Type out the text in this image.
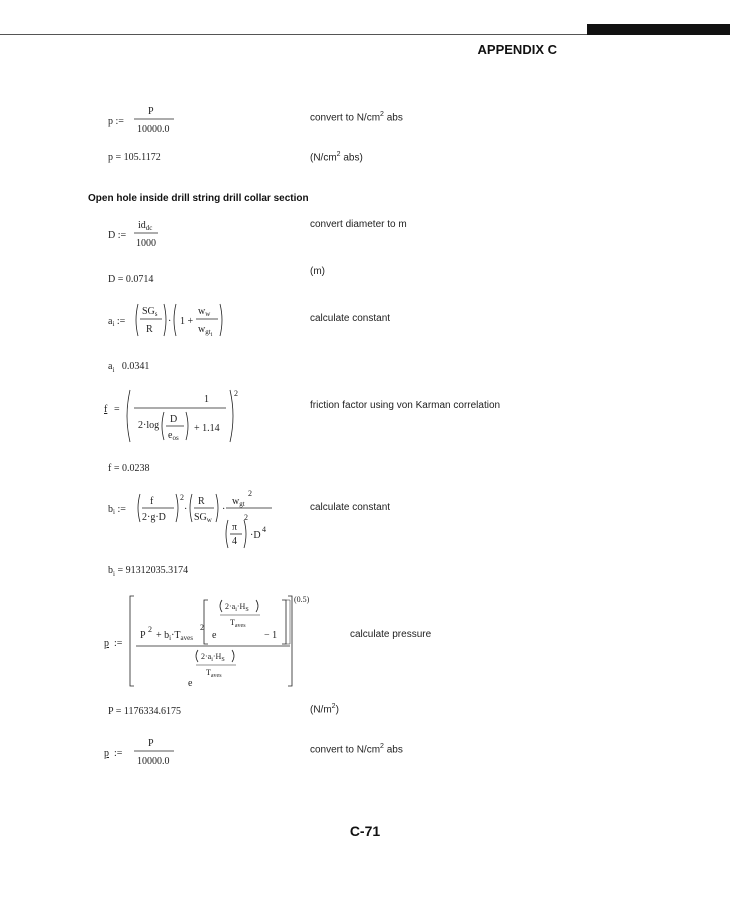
APPENDIX C
p :=
P
10000.0
convert to $N/cm^2$ abs
p = 105.1172	($N/cm^2$ abs)
Open hole inside drill string drill collar section
D :=
$id_{dc}$
1000
convert diameter to m
(m)
D = 0.0714
$a_i$ :=
$SG_s$
R
· 1 +
$w_w$
$w_{gti}$
calculate constant
$a_i$ 0.0341
f =
1
2·log
D
$e_{os}$
+ 1.14
2
friction factor using von Karman correlation
f = 0.0238
$b_i$ :=
f
2·g·D
2
·
R
$SG_w$
·
$w_{gt}$
2
π
4
2
·D
4
calculate constant
$b_i = 91312035.3174$
p :=
P
2
+ $b_i\cdot T_{aves}$
2
e
$2\cdot a_i\cdot H_S$
$T_{aves}$
− 1
$2\cdot a_i\cdot H_S$
$T_{aves}$
e
(0.5)
calculate pressure
P = 1176334.6175	$(N/m^2)$
p :=
P
10000.0
convert to $N/cm^2$ abs
C-71
